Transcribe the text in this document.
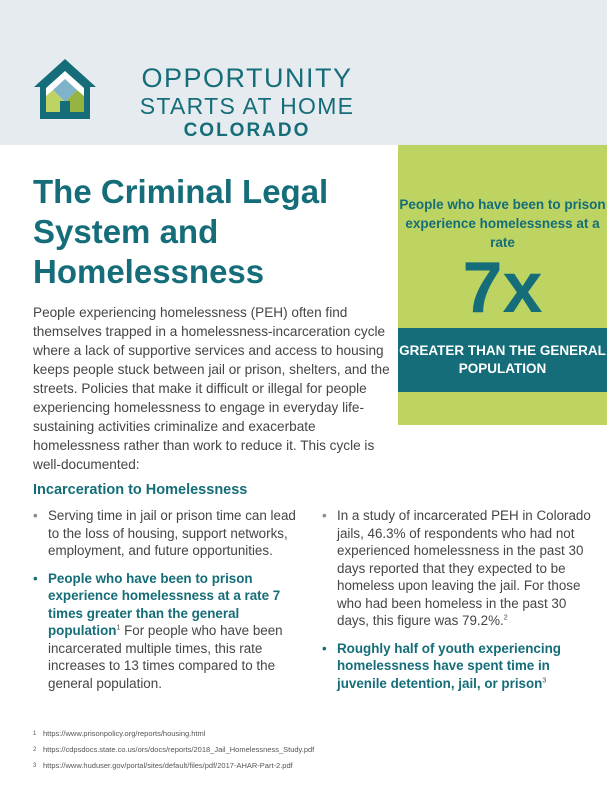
OPPORTUNITY
STARTS AT HOME
COLORADO
People who have been to prison experience homelessness at a rate
7x
GREATER THAN THE GENERAL POPULATION
The Criminal Legal System and Homelessness

People experiencing homelessness (PEH) often find themselves trapped in a homelessness-incarceration cycle where a lack of supportive services and access to housing keeps people stuck between jail or prison, shelters, and the streets. Policies that make it difficult or illegal for people experiencing homelessness to engage in everyday life-sustaining activities criminalize and exacerbate homelessness rather than work to reduce it. This cycle is well-documented:

Incarceration to Homelessness
• Serving time in jail or prison time can lead to the loss of housing, support networks, employment, and future opportunities.
• People who have been to prison experience homelessness at a rate 7 times greater than the general population$^1$ For people who have been incarcerated multiple times, this rate increases to 13 times compared to the general population.
• In a study of incarcerated PEH in Colorado jails, 46.3% of respondents who had not experienced homelessness in the past 30 days reported that they expected to be homeless upon leaving the jail. For those who had been homeless in the past 30 days, this figure was 79.2%.$^2$
• Roughly half of youth experiencing homelessness have spent time in juvenile detention, jail, or prison$^3$
1 https://www.prisonpolicy.org/reports/housing.html
2 https://cdpsdocs.state.co.us/ors/docs/reports/2018_Jail_Homelessness_Study.pdf
3 https://www.huduser.gov/portal/sites/default/files/pdf/2017-AHAR-Part-2.pdf
